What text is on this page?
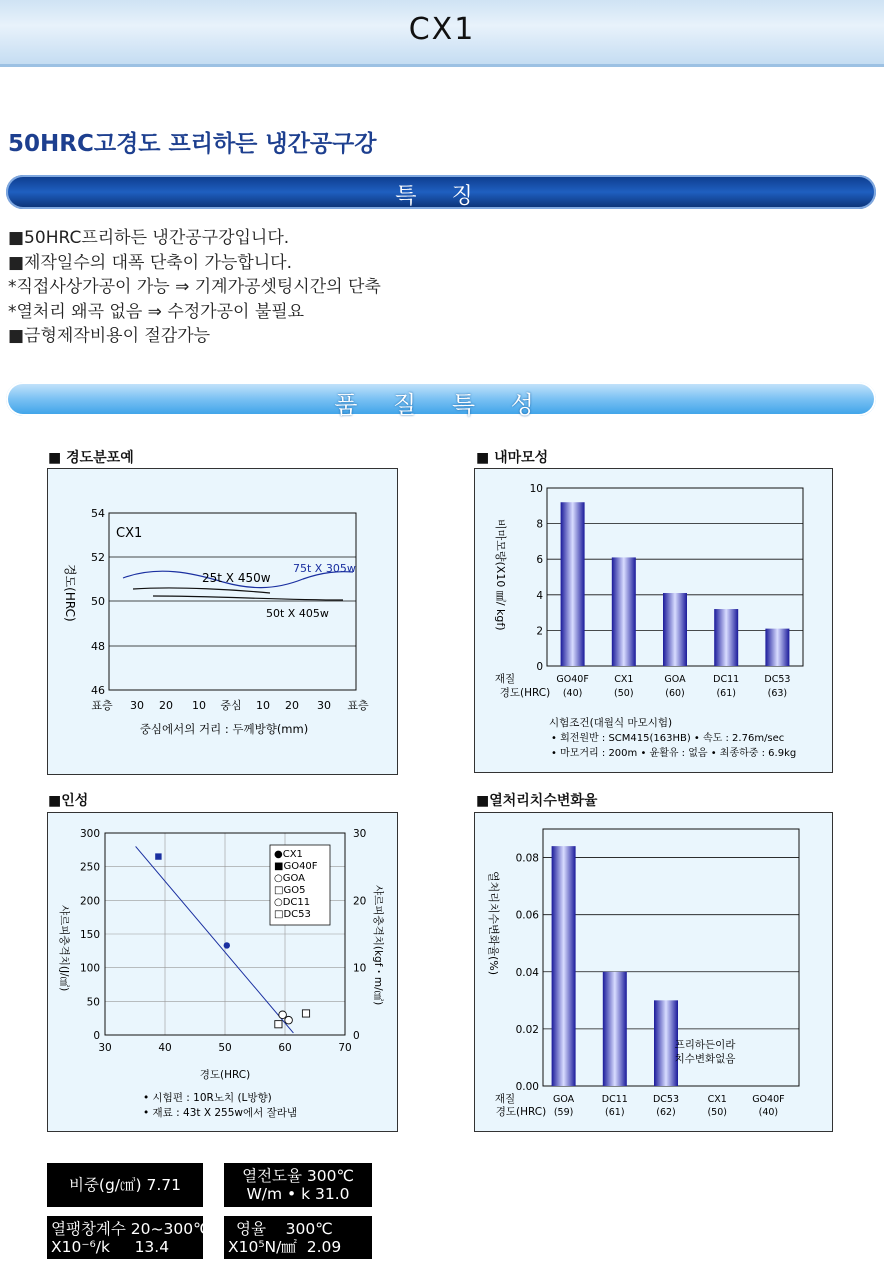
CX1
50HRC고경도 프리하든 냉간공구강
특 징
■50HRC프리하든 냉간공구강입니다.
■제작일수의 대폭 단축이 가능합니다.
*직접사상가공이 가능 ⇒ 기계가공셋팅시간의 단축
*열처리 왜곡 없음 ⇒ 수정가공이 불필요
■금형제작비용이 절감가능
품 질 특 성
■ 경도분포예
54
52
50
48
46
경도(HRC)
CX1
75t X 305w
25t X 450w
50t X 405w
표층 30 20 10 중심 10 20 30 표층
중심에서의 거리 : 두께방향(mm)
■ 내마모성
10
8
6
4
2
0
비마모량(X10 ㎣/ kgf)
재질
경도(HRC)
GO40F
(40)
CX1
(50)
GOA
(60)
DC11
(61)
DC53
(63)
시험조건(대월식 마모시험)
• 회전원반 : SCM415(163HB) • 속도 : 2.76m/sec
• 마모거리 : 200m • 윤활유 : 없음 • 최종하중 : 6.9kg
■인성
300
250
200
150
100
50
0
30
20
10
0
30	40	50	60	70
●CX1
■GO40F
○GOA
□GO5
○DC11
□DC53
샤르피충격치(J/㎠)	샤르피충격치(kgf・m/㎠)
경도(HRC)
• 시험편 : 10R노치 (L방향)
• 재료 : 43t X 255w에서 잘라냄
■열처리치수변화율
0.08
0.06
0.04
0.02
0.00
열처리치수변화율(%)
프리하든이라
치수변화없음
재질
경도(HRC)
GOA
(59)
DC11
(61)
DC53
(62)
CX1
(50)
GO40F
(40)
비중(g/㎤) 7.71	열전도율 300℃
W/m • k 31.0
열팽창계수 20~300℃
X10⁻⁶/k     13.4
영율    300℃
X10⁵N/㎟  2.09
